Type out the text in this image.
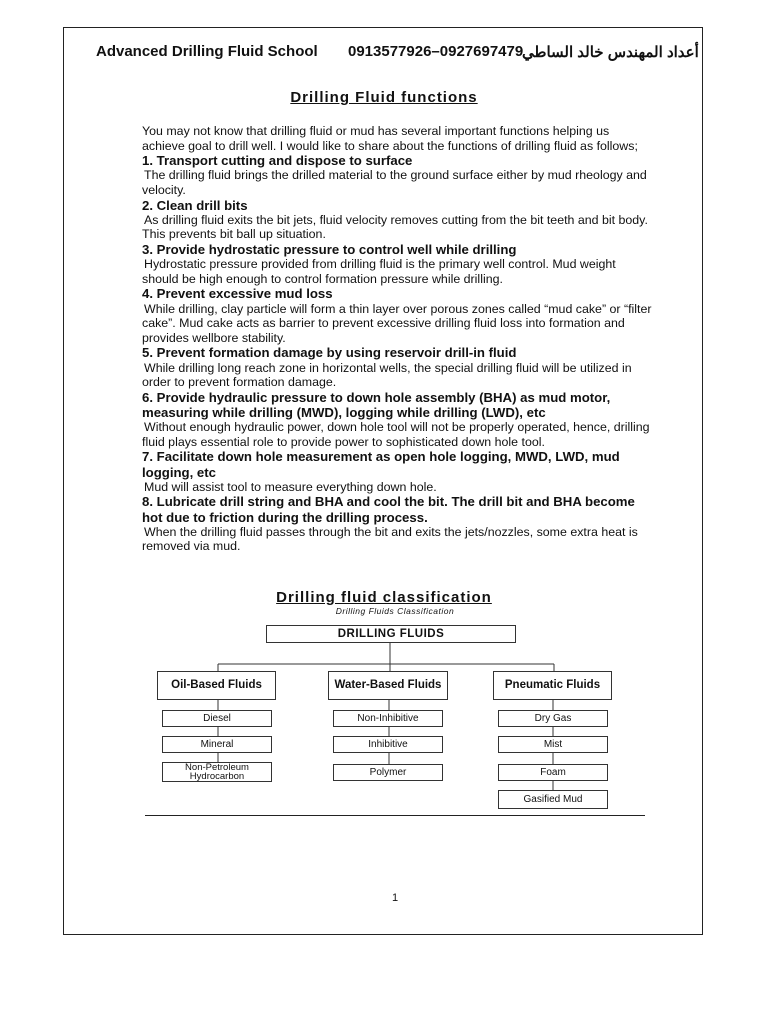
Advanced Drilling Fluid School 0913577926–0927697479
أعداد المهندس خالد الساطي
Drilling Fluid functions

You may not know that drilling fluid or mud has several important functions helping us achieve goal to drill well. I would like to share about the functions of drilling fluid as follows;

1. Transport cutting and dispose to surface

The drilling fluid brings the drilled material to the ground surface either by mud rheology and velocity.

2. Clean drill bits

As drilling fluid exits the bit jets, fluid velocity removes cutting from the bit teeth and bit body. This prevents bit ball up situation.

3. Provide hydrostatic pressure to control well while drilling

Hydrostatic pressure provided from drilling fluid is the primary well control. Mud weight should be high enough to control formation pressure while drilling.

4. Prevent excessive mud loss

While drilling, clay particle will form a thin layer over porous zones called “mud cake” or “filter cake”. Mud cake acts as barrier to prevent excessive drilling fluid loss into formation and provides wellbore stability.

5. Prevent formation damage by using reservoir drill-in fluid

While drilling long reach zone in horizontal wells, the special drilling fluid will be utilized in order to prevent formation damage.

6. Provide hydraulic pressure to down hole assembly (BHA) as mud motor, measuring while drilling (MWD), logging while drilling (LWD), etc

Without enough hydraulic power, down hole tool will not be properly operated, hence, drilling fluid plays essential role to provide power to sophisticated down hole tool.

7. Facilitate down hole measurement as open hole logging, MWD, LWD, mud logging, etc

Mud will assist tool to measure everything down hole.

8. Lubricate drill string and BHA and cool the bit. The drill bit and BHA become hot due to friction during the drilling process.

When the drilling fluid passes through the bit and exits the jets/nozzles, some extra heat is removed via mud.

Drilling fluid classification
Drilling Fluids Classification
DRILLING FLUIDS
Oil-Based Fluids	Water-Based Fluids	Pneumatic Fluids
Diesel
Mineral
Non-Petroleum Hydrocarbon
Non-Inhibitive
Inhibitive
Polymer
Dry Gas
Mist
Foam
Gasified Mud
1
